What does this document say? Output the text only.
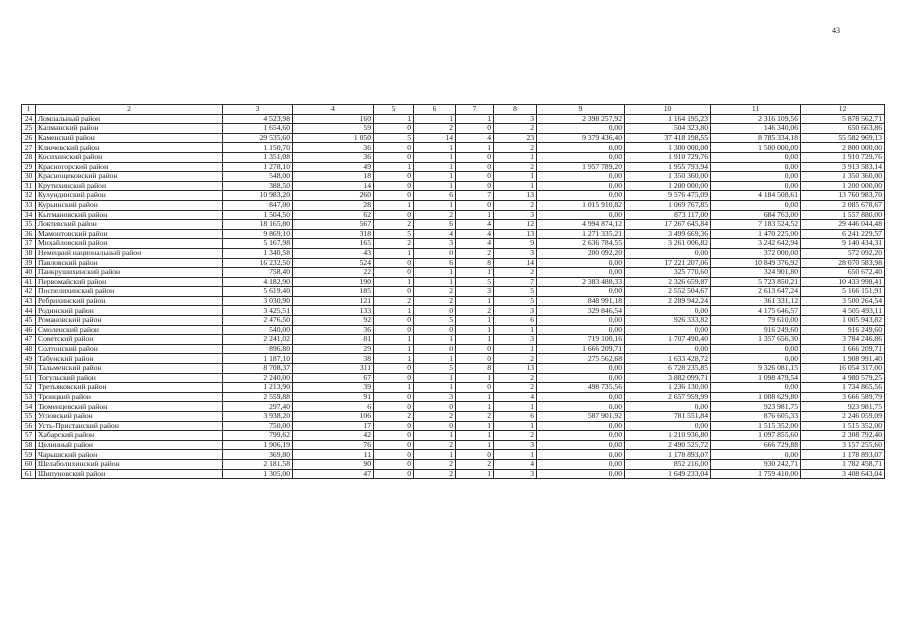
43
1	2	3	4	5	6	7	8	9	10	11	12
24	Ломлальный район	4 523,98	160	1	1	1	3	2 398 257,92	1 164 195,23	2 316 109,56	5 878 562,71
25	Калманский район	1 654,60	59	0	2	0	2	0,00	504 323,80	146 340,06	650 663,86
26	Каменский район	29 535,60	1 050	5	14	4	23	9 379 436,40	37 418 198,55	8 785 334,18	55 582 969,13
27	Ключевский район	1 150,70	36	0	1	1	2	0,00	1 300 000,00	1 500 000,00	2 800 000,00
28	Косихинский район	1 351,08	36	0	1	0	1	0,00	1 910 729,76	0,00	1 910 729,76
29	Красногорский район	1 278,10	49	1	1	0	2	1 957 789,20	1 955 793,94	0,00	3 913 583,14
30	Краснощековский район	548,00	18	0	1	0	1	0,00	1 350 360,00	0,00	1 350 360,00
31	Крутихинский район	388,50	14	0	1	0	1	0,00	1 200 000,00	0,00	1 200 000,00
32	Кулундинский район	10 983,20	260	0	6	7	13	0,00	9 576 475,09	4 184 508,61	13 760 983,70
33	Курьинский район	847,00	28	1	1	0	2	1 015 910,82	1 069 767,85	0,00	2 085 678,67
34	Кытмановский район	1 504,50	62	0	2	1	3	0,00	873 117,00	684 763,00	1 557 880,00
35	Локтевский район	18 165,80	567	2	6	4	12	4 994 874,12	17 267 645,84	7 183 524,52	29 446 044,48
36	Мамонтовский район	9 869,10	318	5	4	4	13	1 271 335,21	3 499 669,36	1 470 225,00	6 241 229,57
37	Михайловский район	5 167,98	165	2	3	4	9	2 636 784,55	3 261 006,82	3 242 642,94	9 140 434,31
38	Немецкий национальный район	1 340,58	43	1	0	2	3	200 092,20	0,00	372 000,00	572 092,20
39	Павловский район	16 232,50	524	0	6	8	14	0,00	17 221 207,06	10 849 376,92	28 070 583,98
40	Панкрушихинский район	758,40	22	0	1	1	2	0,00	325 770,60	324 901,80	650 672,40
41	Первомайский район	4 182,90	190	1	1	5	7	2 383 488,33	2 326 659,87	5 723 850,21	10 433 998,41
42	Поспелихинский район	5 619,40	185	0	2	3	5	0,00	2 552 504,67	2 613 647,24	5 166 151,91
43	Ребрихинский район	3 030,90	121	2	2	1	5	848 991,18	2 289 942,24	361 331,12	3 500 264,54
44	Родинский район	3 425,51	133	1	0	2	3	329 846,54	0,00	4 175 646,57	4 505 493,11
45	Романовский район	2 476,50	92	0	5	1	6	0,00	926 333,82	79 610,00	1 005 943,82
46	Смоленский район	540,00	36	0	0	1	1	0,00	0,00	916 249,60	916 249,60
47	Советский район	2 241,02	81	1	1	1	3	719 100,16	1 707 490,40	1 357 656,30	3 784 246,86
48	Солтонский район	896,80	29	1	0	0	1	1 666 209,71	0,00	0,00	1 666 209,71
49	Табунский район	1 187,10	38	1	1	0	2	275 562,68	1 633 428,72	0,00	1 908 991,40
50	Тальменский район	8 708,37	311	0	5	8	13	0,00	6 728 235,85	9 326 081,15	16 054 317,00
51	Тогульский район	2 240,00	67	0	1	1	2	0,00	3 882 099,71	1 098 479,54	4 980 579,25
52	Третьяковский район	1 213,90	39	1	1	0	2	498 735,56	1 236 130,00	0,00	1 734 865,56
53	Троицкий район	2 559,88	91	0	3	1	4	0,00	2 657 959,99	1 008 629,80	3 666 589,79
54	Тюменцевский район	297,40	6	0	0	1	1	0,00	0,00	923 981,75	923 981,75
55	Угловский район	3 938,20	106	2	2	2	6	587 901,92	781 551,84	876 605,33	2 246 059,09
56	Усть-Пристанский район	750,00	17	0	0	1	1	0,00	0,00	1 515 352,00	1 515 352,00
57	Хабарский район	799,62	42	0	1	1	2	0,00	1 210 936,80	1 097 855,60	2 308 792,40
58	Целинный район	1 906,19	76	0	2	1	3	0,00	2 490 525,72	666 729,88	3 157 255,60
59	Чарышский район	369,80	11	0	1	0	1	0,00	1 178 893,07	0,00	1 178 893,07
60	Шелаболихинский район	2 181,58	90	0	2	2	4	0,00	852 216,00	930 242,71	1 782 458,71
61	Шипуновский район	1 305,00	47	0	2	1	3	0,00	1 649 233,04	1 759 410,00	3 408 643,04
